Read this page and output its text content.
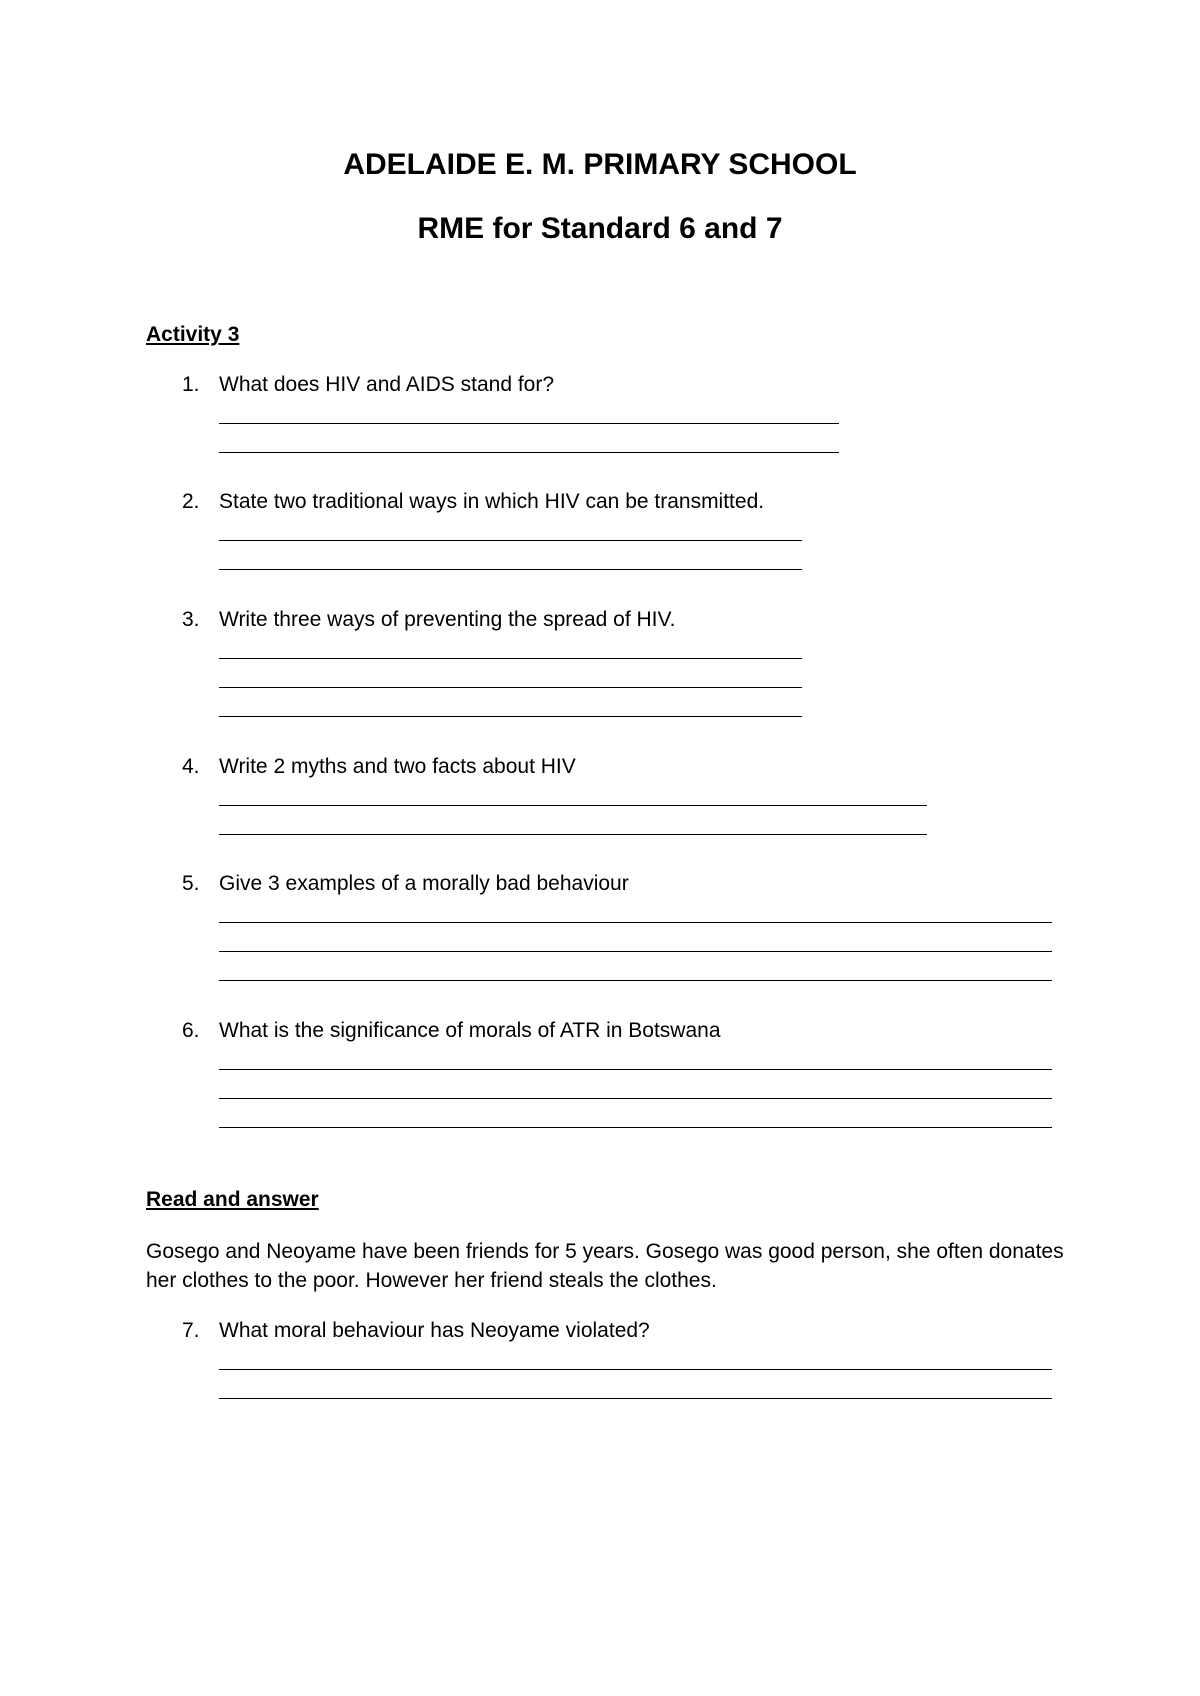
ADELAIDE E. M. PRIMARY SCHOOL
RME for Standard 6 and 7

Activity 3

1. What does HIV and AIDS stand for?
2. State two traditional ways in which HIV can be transmitted.
3. Write three ways of preventing the spread of HIV.
4. Write 2 myths and two facts about HIV
5. Give 3 examples of a morally bad behaviour
6. What is the significance of morals of ATR in Botswana

Read and answer

Gosego and Neoyame have been friends for 5 years. Gosego was good person, she often donates her clothes to the poor. However her friend steals the clothes.

7. What moral behaviour has Neoyame violated?
